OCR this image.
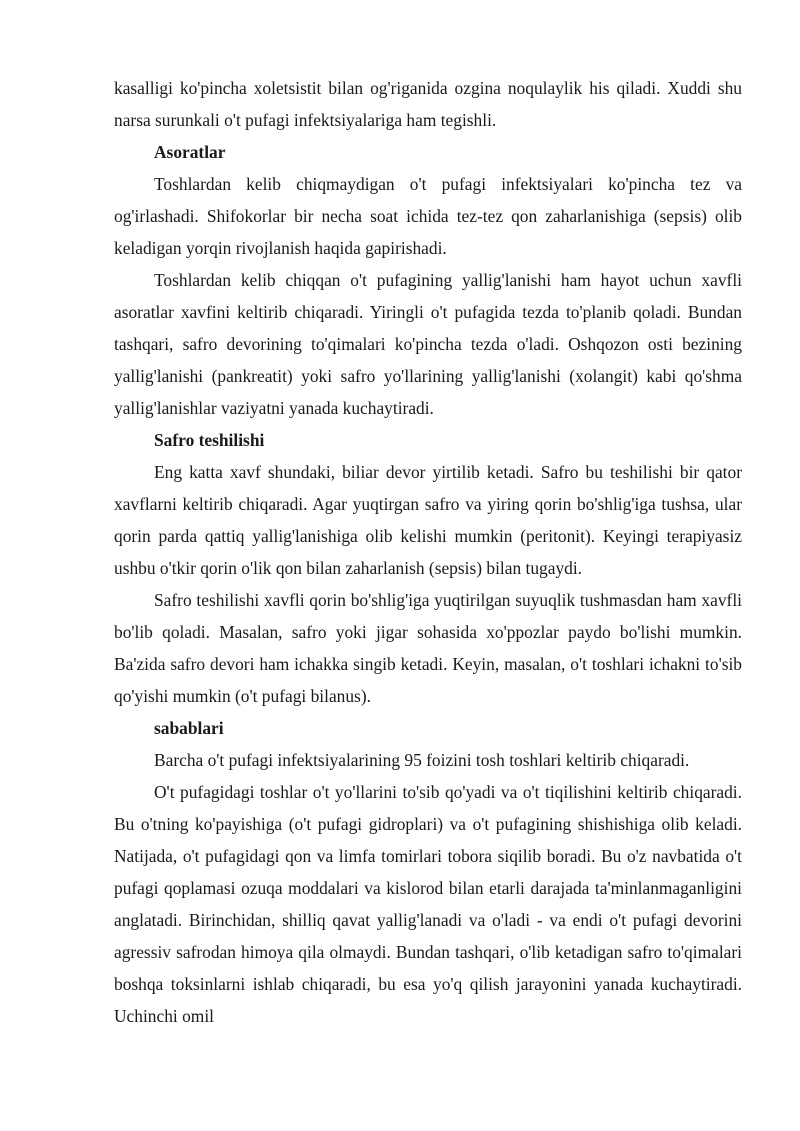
kasalligi ko'pincha xoletsistit bilan og'riganida ozgina noqulaylik his qiladi. Xuddi shu narsa surunkali o't pufagi infektsiyalariga ham tegishli.

Asoratlar

Toshlardan kelib chiqmaydigan o't pufagi infektsiyalari ko'pincha tez va og'irlashadi. Shifokorlar bir necha soat ichida tez-tez qon zaharlanishiga (sepsis) olib keladigan yorqin rivojlanish haqida gapirishadi.

Toshlardan kelib chiqqan o't pufagining yallig'lanishi ham hayot uchun xavfli asoratlar xavfini keltirib chiqaradi. Yiringli o't pufagida tezda to'planib qoladi. Bundan tashqari, safro devorining to'qimalari ko'pincha tezda o'ladi. Oshqozon osti bezining yallig'lanishi (pankreatit) yoki safro yo'llarining yallig'lanishi (xolangit) kabi qo'shma yallig'lanishlar vaziyatni yanada kuchaytiradi.

Safro teshilishi

Eng katta xavf shundaki, biliar devor yirtilib ketadi. Safro bu teshilishi bir qator xavflarni keltirib chiqaradi. Agar yuqtirgan safro va yiring qorin bo'shlig'iga tushsa, ular qorin parda qattiq yallig'lanishiga olib kelishi mumkin (peritonit). Keyingi terapiyasiz ushbu o'tkir qorin o'lik qon bilan zaharlanish (sepsis) bilan tugaydi.

Safro teshilishi xavfli qorin bo'shlig'iga yuqtirilgan suyuqlik tushmasdan ham xavfli bo'lib qoladi. Masalan, safro yoki jigar sohasida xo'ppozlar paydo bo'lishi mumkin. Ba'zida safro devori ham ichakka singib ketadi. Keyin, masalan, o't toshlari ichakni to'sib qo'yishi mumkin (o't pufagi bilanus).

sabablari

Barcha o't pufagi infektsiyalarining 95 foizini tosh toshlari keltirib chiqaradi.

O't pufagidagi toshlar o't yo'llarini to'sib qo'yadi va o't tiqilishini keltirib chiqaradi. Bu o'tning ko'payishiga (o't pufagi gidroplari) va o't pufagining shishishiga olib keladi. Natijada, o't pufagidagi qon va limfa tomirlari tobora siqilib boradi. Bu o'z navbatida o't pufagi qoplamasi ozuqa moddalari va kislorod bilan etarli darajada ta'minlanmaganligini anglatadi. Birinchidan, shilliq qavat yallig'lanadi va o'ladi - va endi o't pufagi devorini agressiv safrodan himoya qila olmaydi. Bundan tashqari, o'lib ketadigan safro to'qimalari boshqa toksinlarni ishlab chiqaradi, bu esa yo'q qilish jarayonini yanada kuchaytiradi. Uchinchi omil
